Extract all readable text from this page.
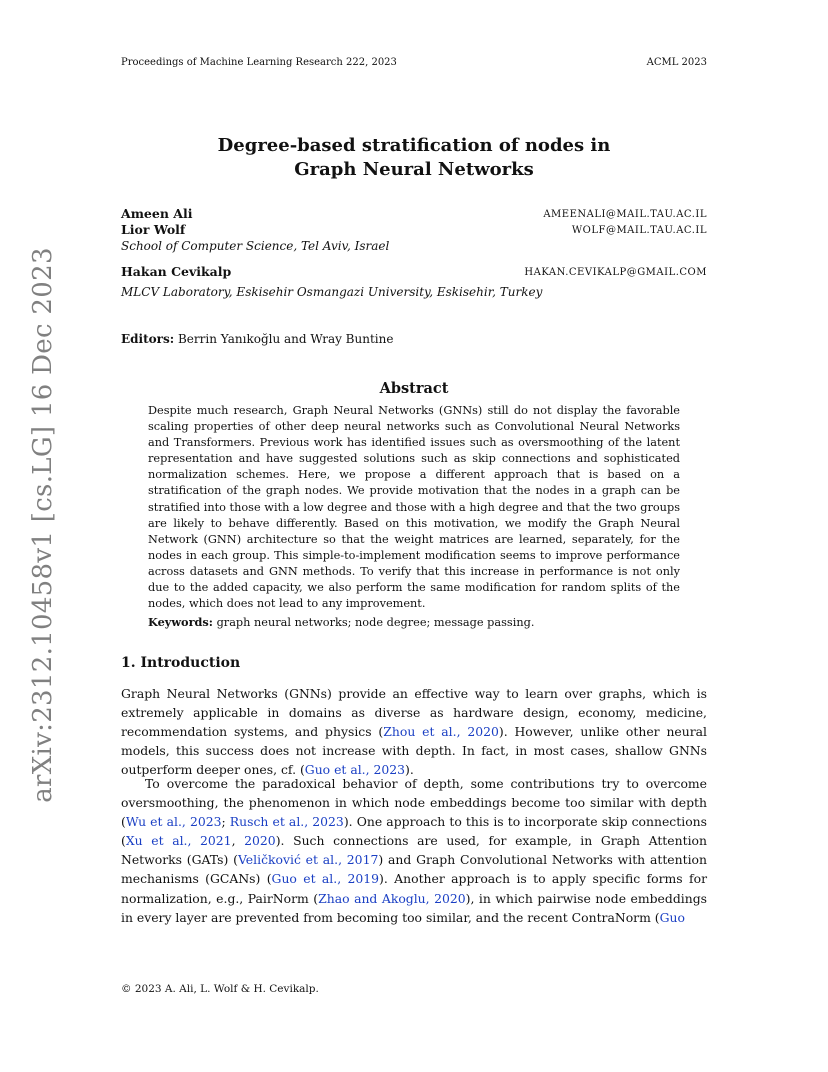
Proceedings of Machine Learning Research 222, 2023	ACML 2023
arXiv:2312.10458v1 [cs.LG] 16 Dec 2023
Degree-based stratification of nodes in
Graph Neural Networks
Ameen Ali	AMEENALI@MAIL.TAU.AC.IL
Lior Wolf	WOLF@MAIL.TAU.AC.IL
School of Computer Science, Tel Aviv, Israel
Hakan Cevikalp	HAKAN.CEVIKALP@GMAIL.COM
MLCV Laboratory, Eskisehir Osmangazi University, Eskisehir, Turkey
Editors: Berrin Yanıkoğlu and Wray Buntine
Abstract

Despite much research, Graph Neural Networks (GNNs) still do not display the favorable scaling properties of other deep neural networks such as Convolutional Neural Networks and Transformers. Previous work has identified issues such as oversmoothing of the latent representation and have suggested solutions such as skip connections and sophisticated normalization schemes. Here, we propose a different approach that is based on a stratification of the graph nodes. We provide motivation that the nodes in a graph can be stratified into those with a low degree and those with a high degree and that the two groups are likely to behave differently. Based on this motivation, we modify the Graph Neural Network (GNN) architecture so that the weight matrices are learned, separately, for the nodes in each group. This simple-to-implement modification seems to improve performance across datasets and GNN methods. To verify that this increase in performance is not only due to the added capacity, we also perform the same modification for random splits of the nodes, which does not lead to any improvement.

Keywords: graph neural networks; node degree; message passing.
1. Introduction

Graph Neural Networks (GNNs) provide an effective way to learn over graphs, which is extremely applicable in domains as diverse as hardware design, economy, medicine, recommendation systems, and physics (Zhou et al., 2020). However, unlike other neural models, this success does not increase with depth. In fact, in most cases, shallow GNNs outperform deeper ones, cf. (Guo et al., 2023).

To overcome the paradoxical behavior of depth, some contributions try to overcome oversmoothing, the phenomenon in which node embeddings become too similar with depth (Wu et al., 2023; Rusch et al., 2023). One approach to this is to incorporate skip connections (Xu et al., 2021, 2020). Such connections are used, for example, in Graph Attention Networks (GATs) (Veličković et al., 2017) and Graph Convolutional Networks with attention mechanisms (GCANs) (Guo et al., 2019). Another approach is to apply specific forms for normalization, e.g., PairNorm (Zhao and Akoglu, 2020), in which pairwise node embeddings in every layer are prevented from becoming too similar, and the recent ContraNorm (Guo

© 2023 A. Ali, L. Wolf & H. Cevikalp.
